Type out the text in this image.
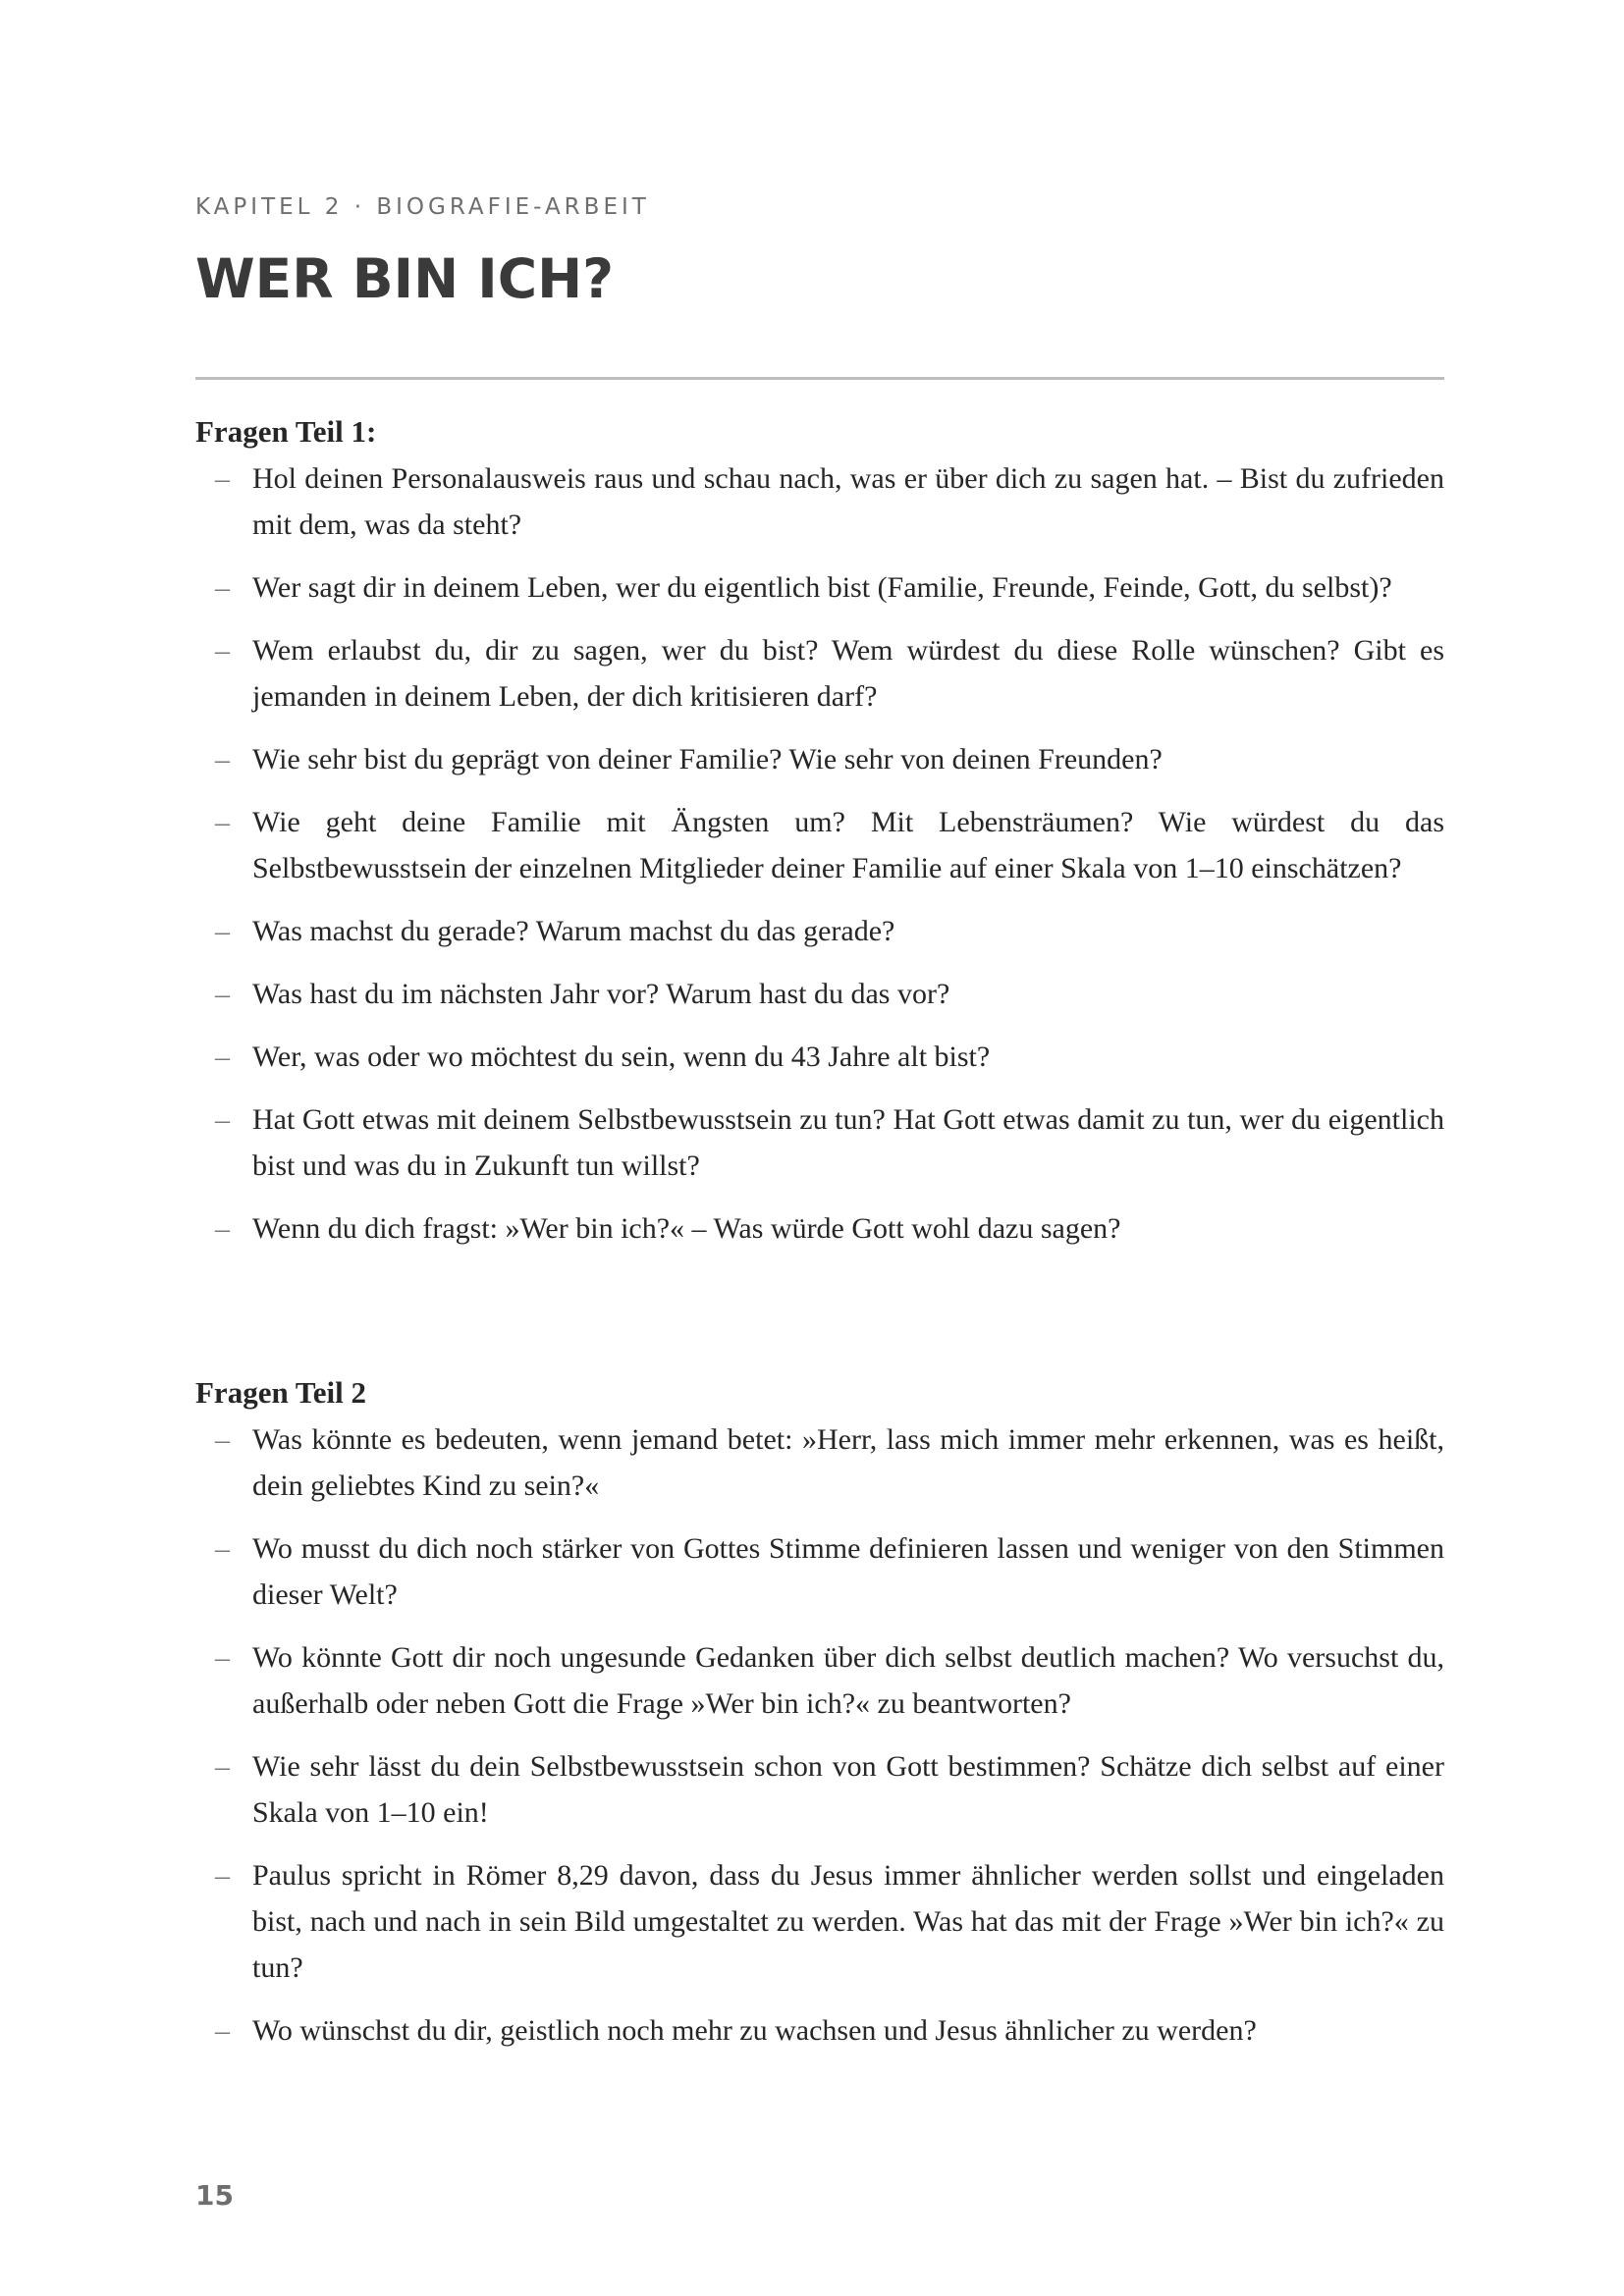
KAPITEL 2 · BIOGRAFIE-ARBEIT
WER BIN ICH?
Fragen Teil 1:
– Hol deinen Personalausweis raus und schau nach, was er über dich zu sagen hat. – Bist du zufrieden mit dem, was da steht?
– Wer sagt dir in deinem Leben, wer du eigentlich bist (Familie, Freunde, Feinde, Gott, du selbst)?
– Wem erlaubst du, dir zu sagen, wer du bist? Wem würdest du diese Rolle wünschen? Gibt es jemanden in deinem Leben, der dich kritisieren darf?
– Wie sehr bist du geprägt von deiner Familie? Wie sehr von deinen Freunden?
– Wie geht deine Familie mit Ängsten um? Mit Lebensträumen? Wie würdest du das Selbstbewusstsein der einzelnen Mitglieder deiner Familie auf einer Skala von 1–10 einschätzen?
– Was machst du gerade? Warum machst du das gerade?
– Was hast du im nächsten Jahr vor? Warum hast du das vor?
– Wer, was oder wo möchtest du sein, wenn du 43 Jahre alt bist?
– Hat Gott etwas mit deinem Selbstbewusstsein zu tun? Hat Gott etwas damit zu tun, wer du eigentlich bist und was du in Zukunft tun willst?
– Wenn du dich fragst: »Wer bin ich?« – Was würde Gott wohl dazu sagen?
Fragen Teil 2
– Was könnte es bedeuten, wenn jemand betet: »Herr, lass mich immer mehr erkennen, was es heißt, dein geliebtes Kind zu sein?«
– Wo musst du dich noch stärker von Gottes Stimme definieren lassen und weniger von den Stimmen dieser Welt?
– Wo könnte Gott dir noch ungesunde Gedanken über dich selbst deutlich machen? Wo versuchst du, außerhalb oder neben Gott die Frage »Wer bin ich?« zu beantworten?
– Wie sehr lässt du dein Selbstbewusstsein schon von Gott bestimmen? Schätze dich selbst auf einer Skala von 1–10 ein!
– Paulus spricht in Römer 8,29 davon, dass du Jesus immer ähnlicher werden sollst und eingeladen bist, nach und nach in sein Bild umgestaltet zu werden. Was hat das mit der Frage »Wer bin ich?« zu tun?
– Wo wünschst du dir, geistlich noch mehr zu wachsen und Jesus ähnlicher zu werden?
15
